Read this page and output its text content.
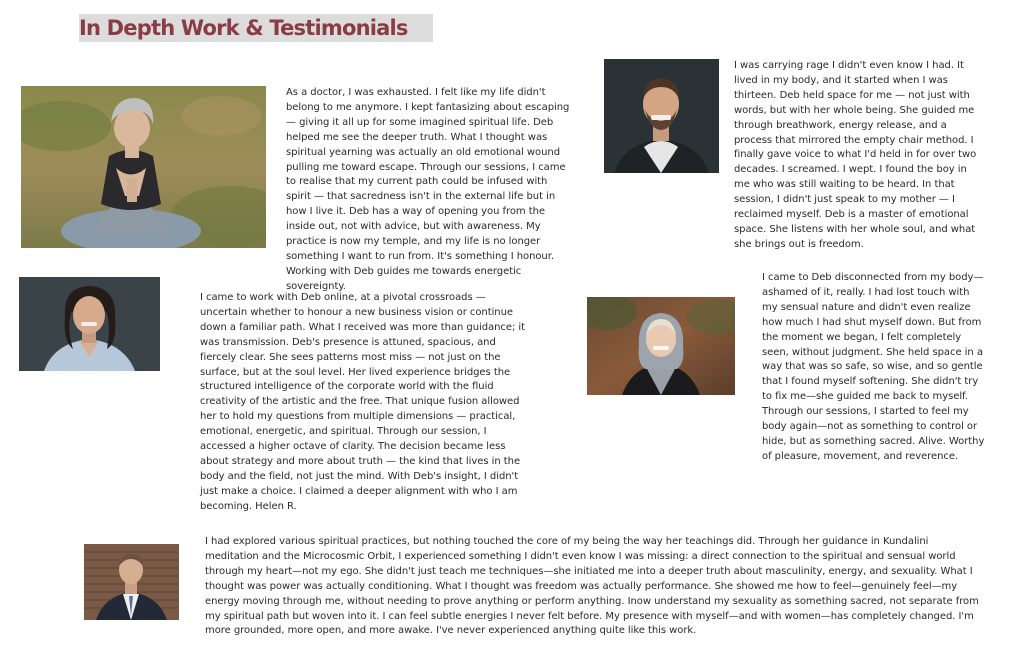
In Depth Work & Testimonials

As a doctor, I was exhausted. I felt like my life didn't belong to me anymore. I kept fantasizing about escaping — giving it all up for some imagined spiritual life. Deb helped me see the deeper truth. What I thought was spiritual yearning was actually an old emotional wound pulling me toward escape. Through our sessions, I came to realise that my current path could be infused with spirit — that sacredness isn't in the external life but in how I live it. Deb has a way of opening you from the inside out, not with advice, but with awareness. My practice is now my temple, and my life is no longer something I want to run from. It's something I honour. Working with Deb guides me towards energetic sovereignty.

I was carrying rage I didn't even know I had. It lived in my body, and it started when I was thirteen. Deb held space for me — not just with words, but with her whole being. She guided me through breathwork, energy release, and a process that mirrored the empty chair method. I finally gave voice to what I'd held in for over two decades. I screamed. I wept. I found the boy in me who was still waiting to be heard. In that session, I didn't just speak to my mother — I reclaimed myself. Deb is a master of emotional space. She listens with her whole soul, and what she brings out is freedom.

I came to work with Deb online, at a pivotal crossroads — uncertain whether to honour a new business vision or continue down a familiar path. What I received was more than guidance; it was transmission. Deb's presence is attuned, spacious, and fiercely clear. She sees patterns most miss — not just on the surface, but at the soul level. Her lived experience bridges the structured intelligence of the corporate world with the fluid creativity of the artistic and the free. That unique fusion allowed her to hold my questions from multiple dimensions — practical, emotional, energetic, and spiritual. Through our session, I accessed a higher octave of clarity. The decision became less about strategy and more about truth — the kind that lives in the body and the field, not just the mind. With Deb's insight, I didn't just make a choice. I claimed a deeper alignment with who I am becoming. Helen R.

I came to Deb disconnected from my body—ashamed of it, really. I had lost touch with my sensual nature and didn't even realize how much I had shut myself down. But from the moment we began, I felt completely seen, without judgment. She held space in a way that was so safe, so wise, and so gentle that I found myself softening. She didn't try to fix me—she guided me back to myself. Through our sessions, I started to feel my body again—not as something to control or hide, but as something sacred. Alive. Worthy of pleasure, movement, and reverence.

I had explored various spiritual practices, but nothing touched the core of my being the way her teachings did. Through her guidance in Kundalini meditation and the Microcosmic Orbit, I experienced something I didn't even know I was missing: a direct connection to the spiritual and sensual world through my heart—not my ego. She didn't just teach me techniques—she initiated me into a deeper truth about masculinity, energy, and sexuality. What I thought was power was actually conditioning. What I thought was freedom was actually performance. She showed me how to feel—genuinely feel—my energy moving through me, without needing to prove anything or perform anything. Inow understand my sexuality as something sacred, not separate from my spiritual path but woven into it. I can feel subtle energies I never felt before. My presence with myself—and with women—has completely changed. I'm more grounded, more open, and more awake. I've never experienced anything quite like this work.
